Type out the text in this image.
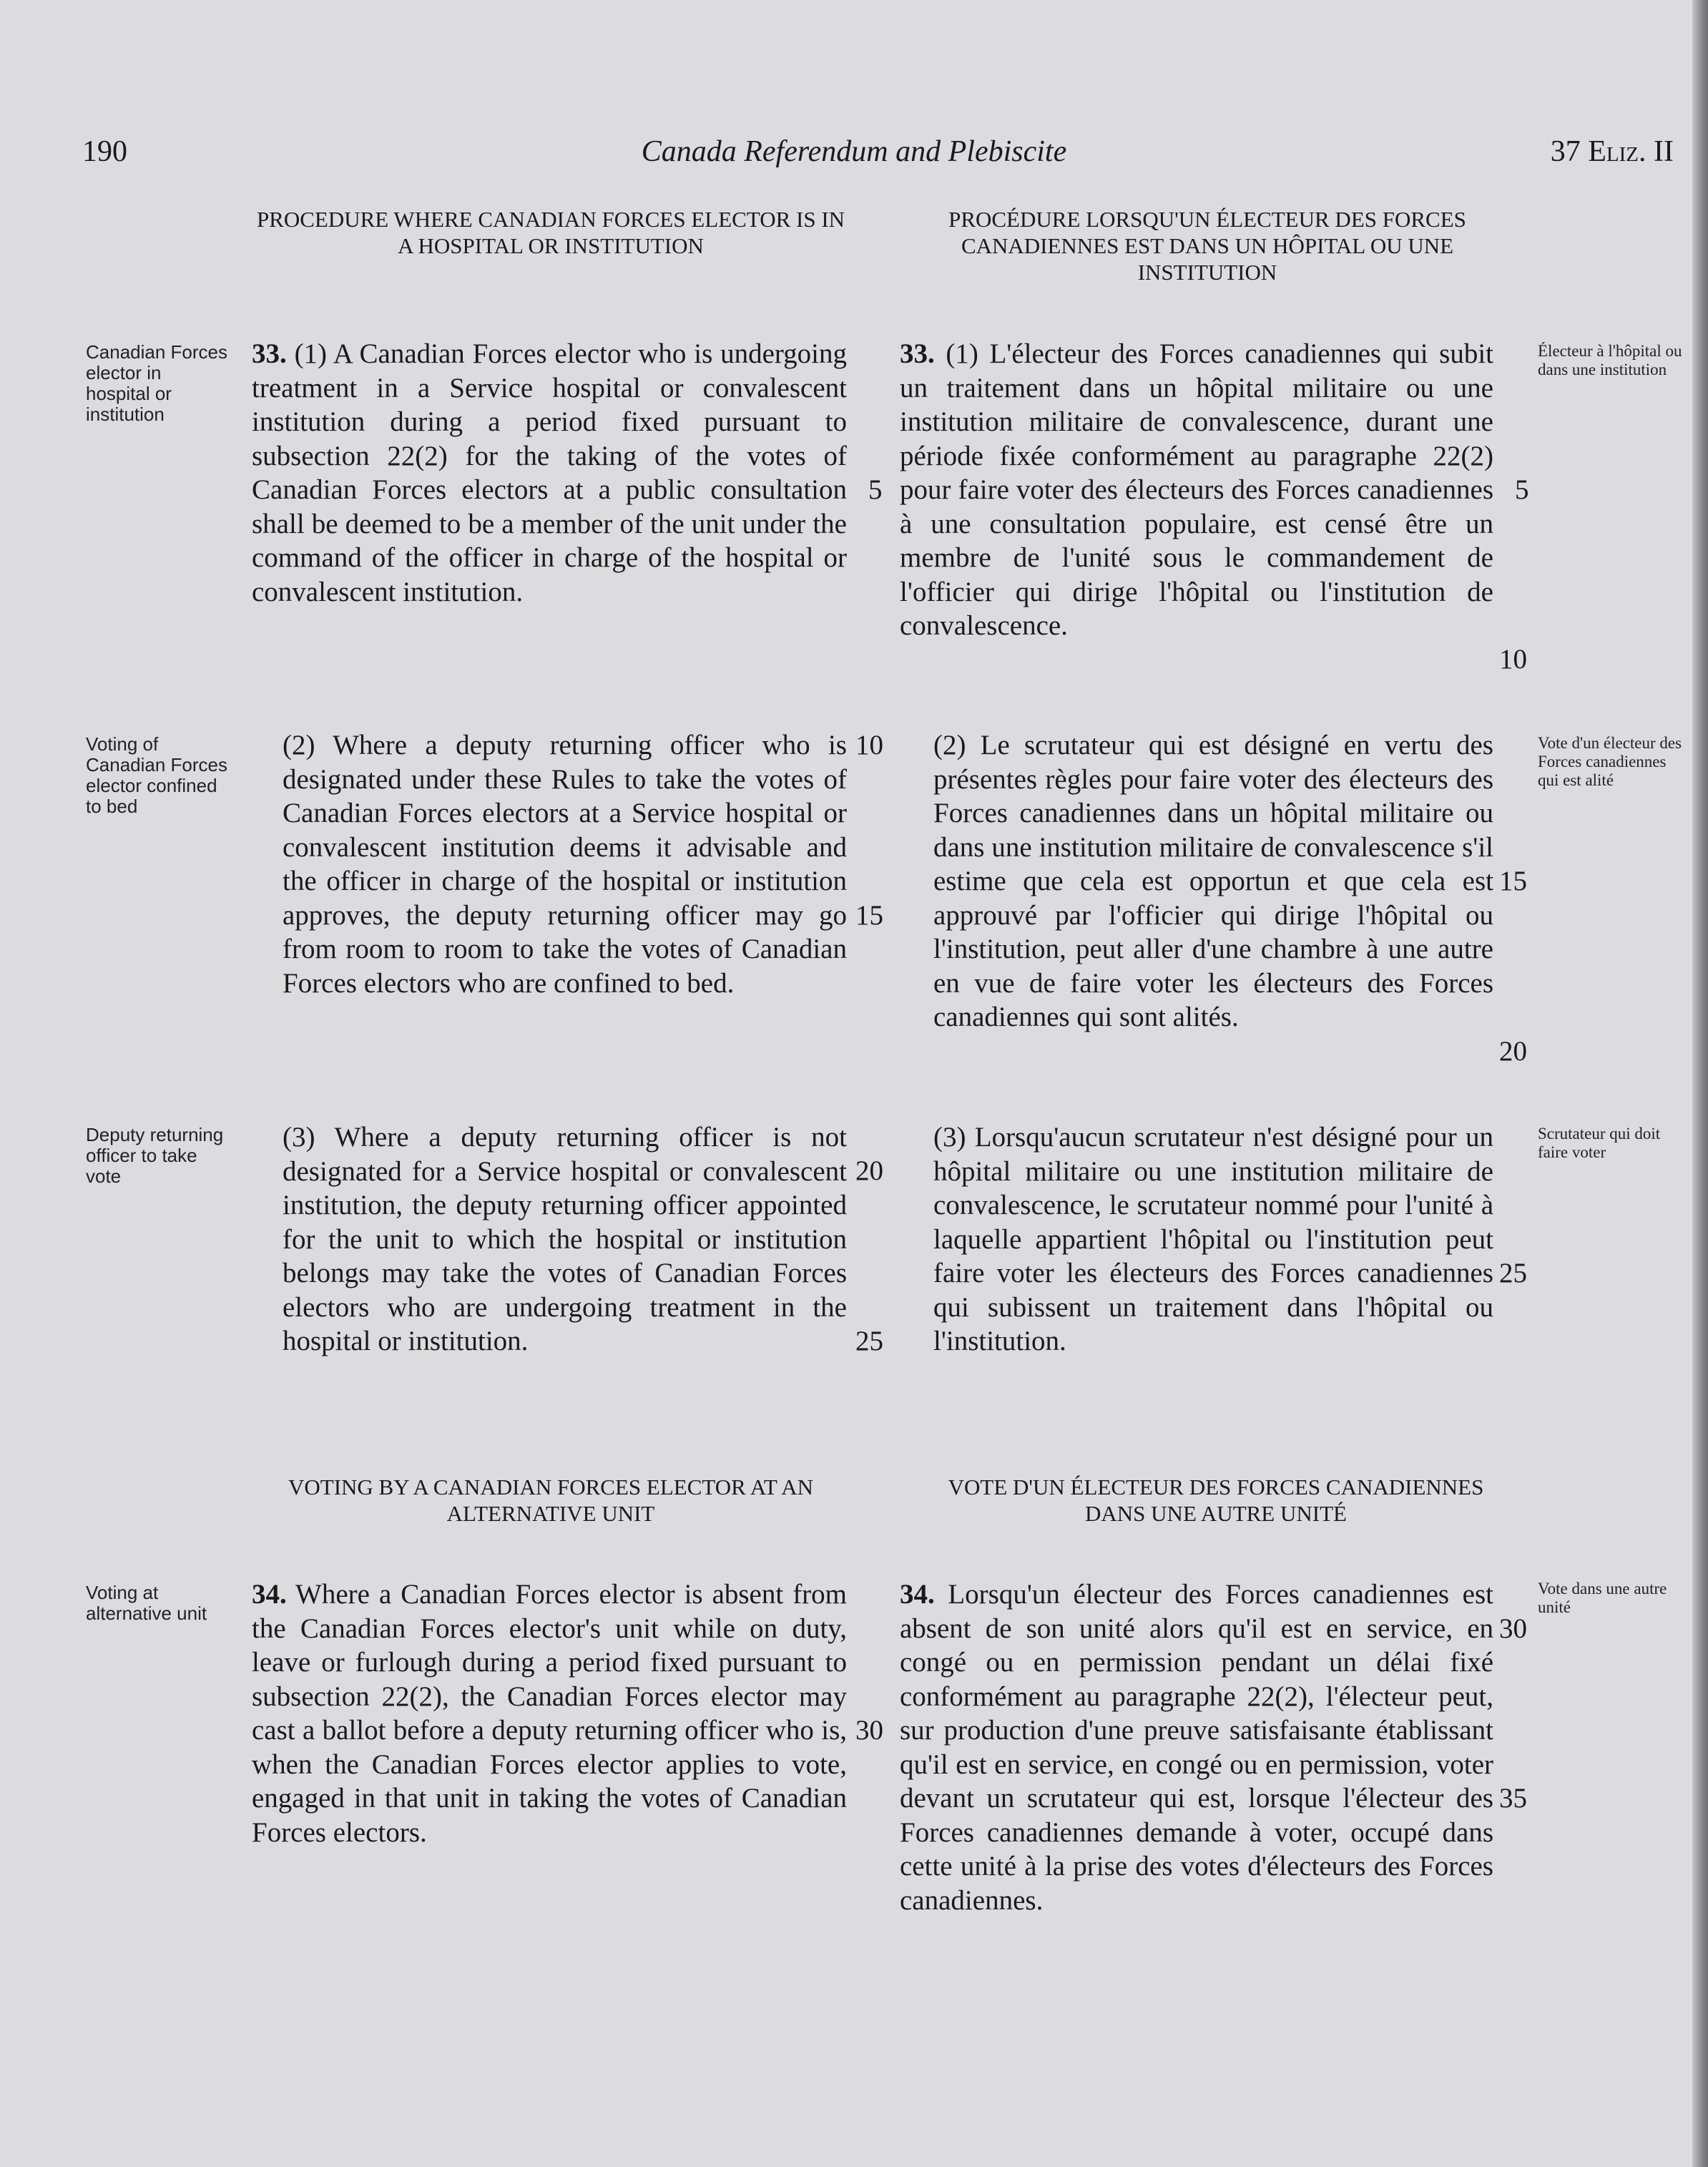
190	Canada Referendum and Plebiscite	37 Eliz. II
PROCEDURE WHERE CANADIAN FORCES ELECTOR IS IN A HOSPITAL OR INSTITUTION
PROCÉDURE LORSQU'UN ÉLECTEUR DES FORCES CANADIENNES EST DANS UN HÔPITAL OU UNE INSTITUTION
VOTING BY A CANADIAN FORCES ELECTOR AT AN ALTERNATIVE UNIT
VOTE D'UN ÉLECTEUR DES FORCES CANADIENNES DANS UNE AUTRE UNITÉ
Canadian Forces elector in hospital or institution

33. (1) A Canadian Forces elector who is undergoing treatment in a Service hospital or convalescent institution during a period fixed pursuant to subsection 22(2) for the taking of the votes of Canadian Forces electors at a public consultation shall be deemed to be a member of the unit under the command of the officer in charge of the hospital or convalescent institution.

33. (1) L'électeur des Forces canadiennes qui subit un traitement dans un hôpital militaire ou une institution militaire de convalescence, durant une période fixée conformément au paragraphe 22(2) pour faire voter des électeurs des Forces canadiennes à une consultation populaire, est censé être un membre de l'unité sous le commandement de l'officier qui dirige l'hôpital ou l'institution de convalescence.

Électeur à l'hôpital ou dans une institution
Voting of Canadian Forces elector confined to bed

(2) Where a deputy returning officer who is designated under these Rules to take the votes of Canadian Forces electors at a Service hospital or convalescent institution deems it advisable and the officer in charge of the hospital or institution approves, the deputy returning officer may go from room to room to take the votes of Canadian Forces electors who are confined to bed.

(2) Le scrutateur qui est désigné en vertu des présentes règles pour faire voter des électeurs des Forces canadiennes dans un hôpital militaire ou dans une institution militaire de convalescence s'il estime que cela est opportun et que cela est approuvé par l'officier qui dirige l'hôpital ou l'institution, peut aller d'une chambre à une autre en vue de faire voter les électeurs des Forces canadiennes qui sont alités.

Vote d'un électeur des Forces canadiennes qui est alité
Deputy returning officer to take vote

(3) Where a deputy returning officer is not designated for a Service hospital or convalescent institution, the deputy returning officer appointed for the unit to which the hospital or institution belongs may take the votes of Canadian Forces electors who are undergoing treatment in the hospital or institution.

(3) Lorsqu'aucun scrutateur n'est désigné pour un hôpital militaire ou une institution militaire de convalescence, le scrutateur nommé pour l'unité à laquelle appartient l'hôpital ou l'institution peut faire voter les électeurs des Forces canadiennes qui subissent un traitement dans l'hôpital ou l'institution.

Scrutateur qui doit faire voter
Voting at alternative unit

34. Where a Canadian Forces elector is absent from the Canadian Forces elector's unit while on duty, leave or furlough during a period fixed pursuant to subsection 22(2), the Canadian Forces elector may cast a ballot before a deputy returning officer who is, when the Canadian Forces elector applies to vote, engaged in that unit in taking the votes of Canadian Forces electors.

34. Lorsqu'un électeur des Forces canadiennes est absent de son unité alors qu'il est en service, en congé ou en permission pendant un délai fixé conformément au paragraphe 22(2), l'électeur peut, sur production d'une preuve satisfaisante établissant qu'il est en service, en congé ou en permission, voter devant un scrutateur qui est, lorsque l'électeur des Forces canadiennes demande à voter, occupé dans cette unité à la prise des votes d'électeurs des Forces canadiennes.

Vote dans une autre unité
5
10
15
20
25
30
5
10
15
20
25
30
35
